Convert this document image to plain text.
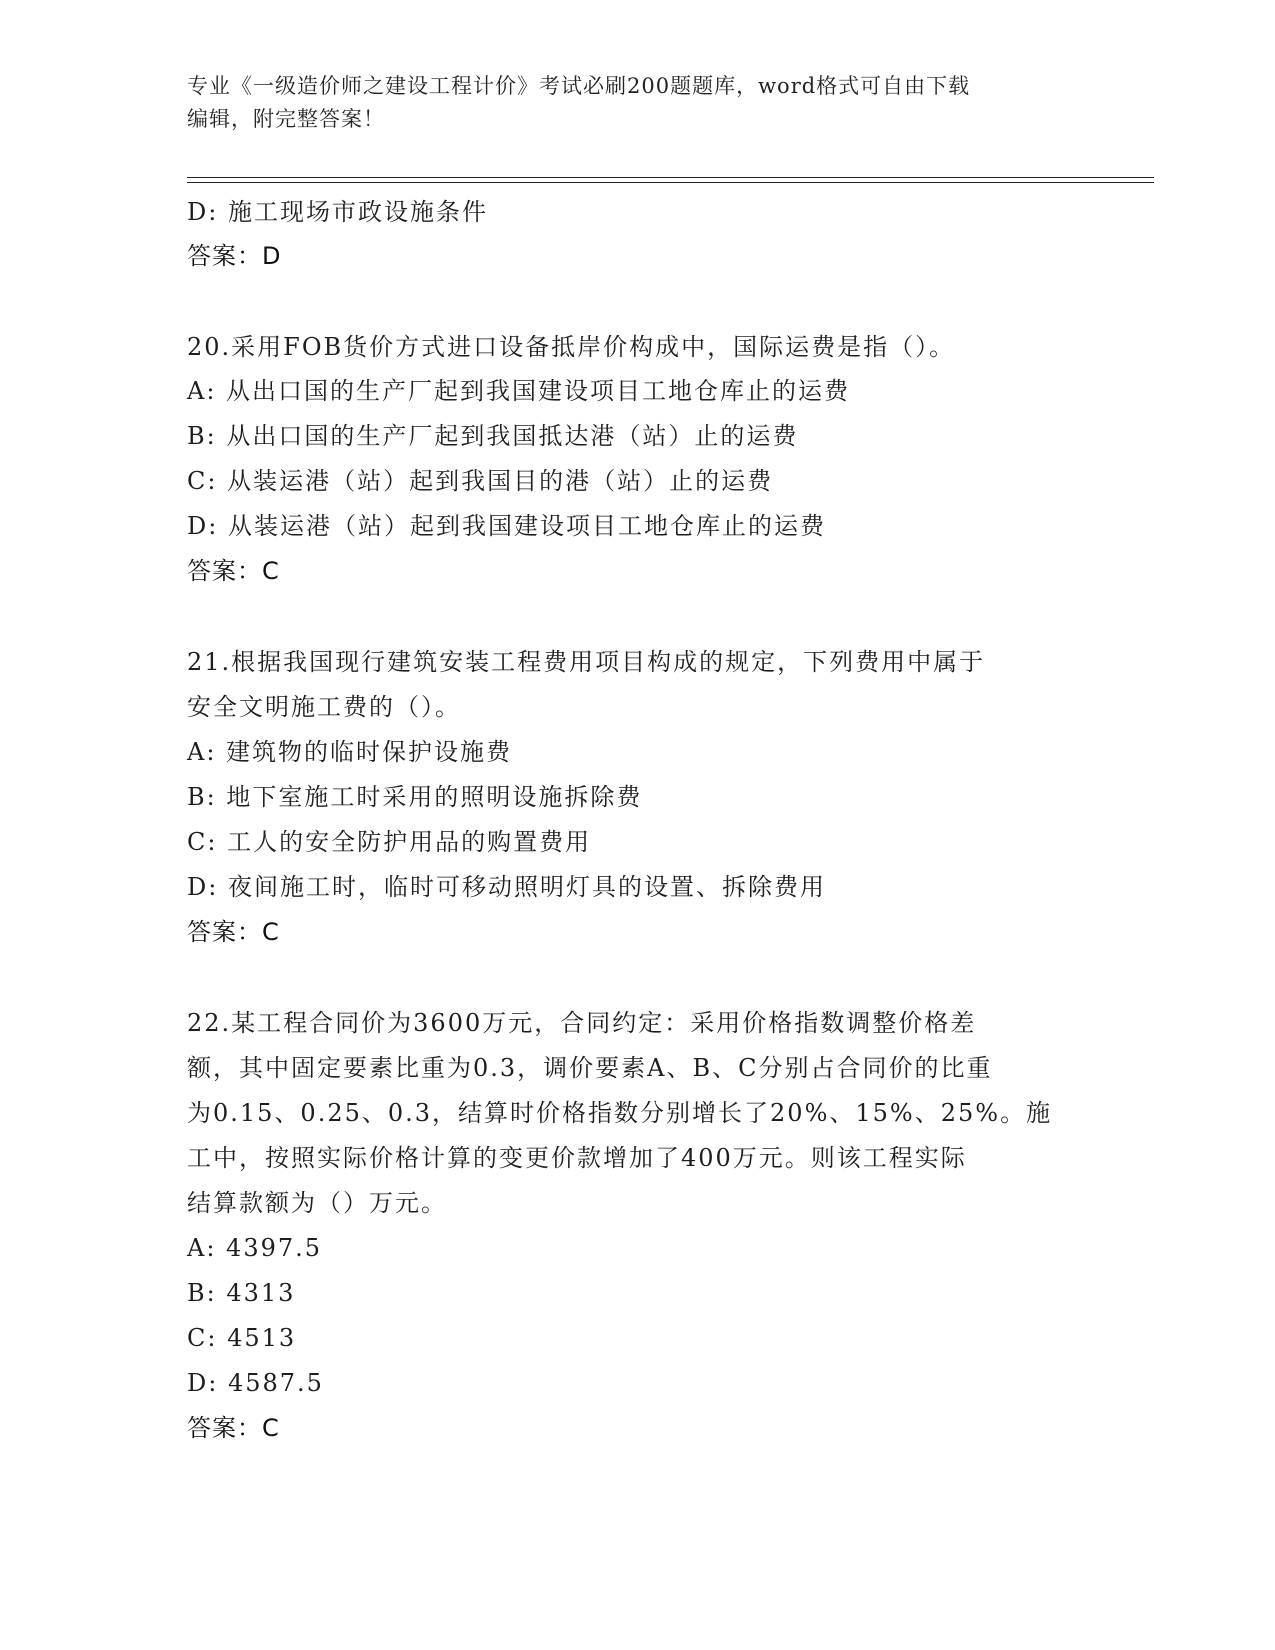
专业《一级造价师之建设工程计价》考试必刷200题题库，word格式可自由下载
编辑，附完整答案！
D: 施工现场市政设施条件
答案：D
20.采用FOB货价方式进口设备抵岸价构成中，国际运费是指（）。
A: 从出口国的生产厂起到我国建设项目工地仓库止的运费
B: 从出口国的生产厂起到我国抵达港（站）止的运费
C: 从装运港（站）起到我国目的港（站）止的运费
D: 从装运港（站）起到我国建设项目工地仓库止的运费
答案：C
21.根据我国现行建筑安装工程费用项目构成的规定，下列费用中属于
安全文明施工费的（）。
A: 建筑物的临时保护设施费
B: 地下室施工时采用的照明设施拆除费
C: 工人的安全防护用品的购置费用
D: 夜间施工时，临时可移动照明灯具的设置、拆除费用
答案：C
22.某工程合同价为3600万元，合同约定：采用价格指数调整价格差
额，其中固定要素比重为0.3，调价要素A、B、C分别占合同价的比重
为0.15、0.25、0.3，结算时价格指数分别增长了20%、15%、25%。施
工中，按照实际价格计算的变更价款增加了400万元。则该工程实际
结算款额为（）万元。
A: 4397.5
B: 4313
C: 4513
D: 4587.5
答案：C
